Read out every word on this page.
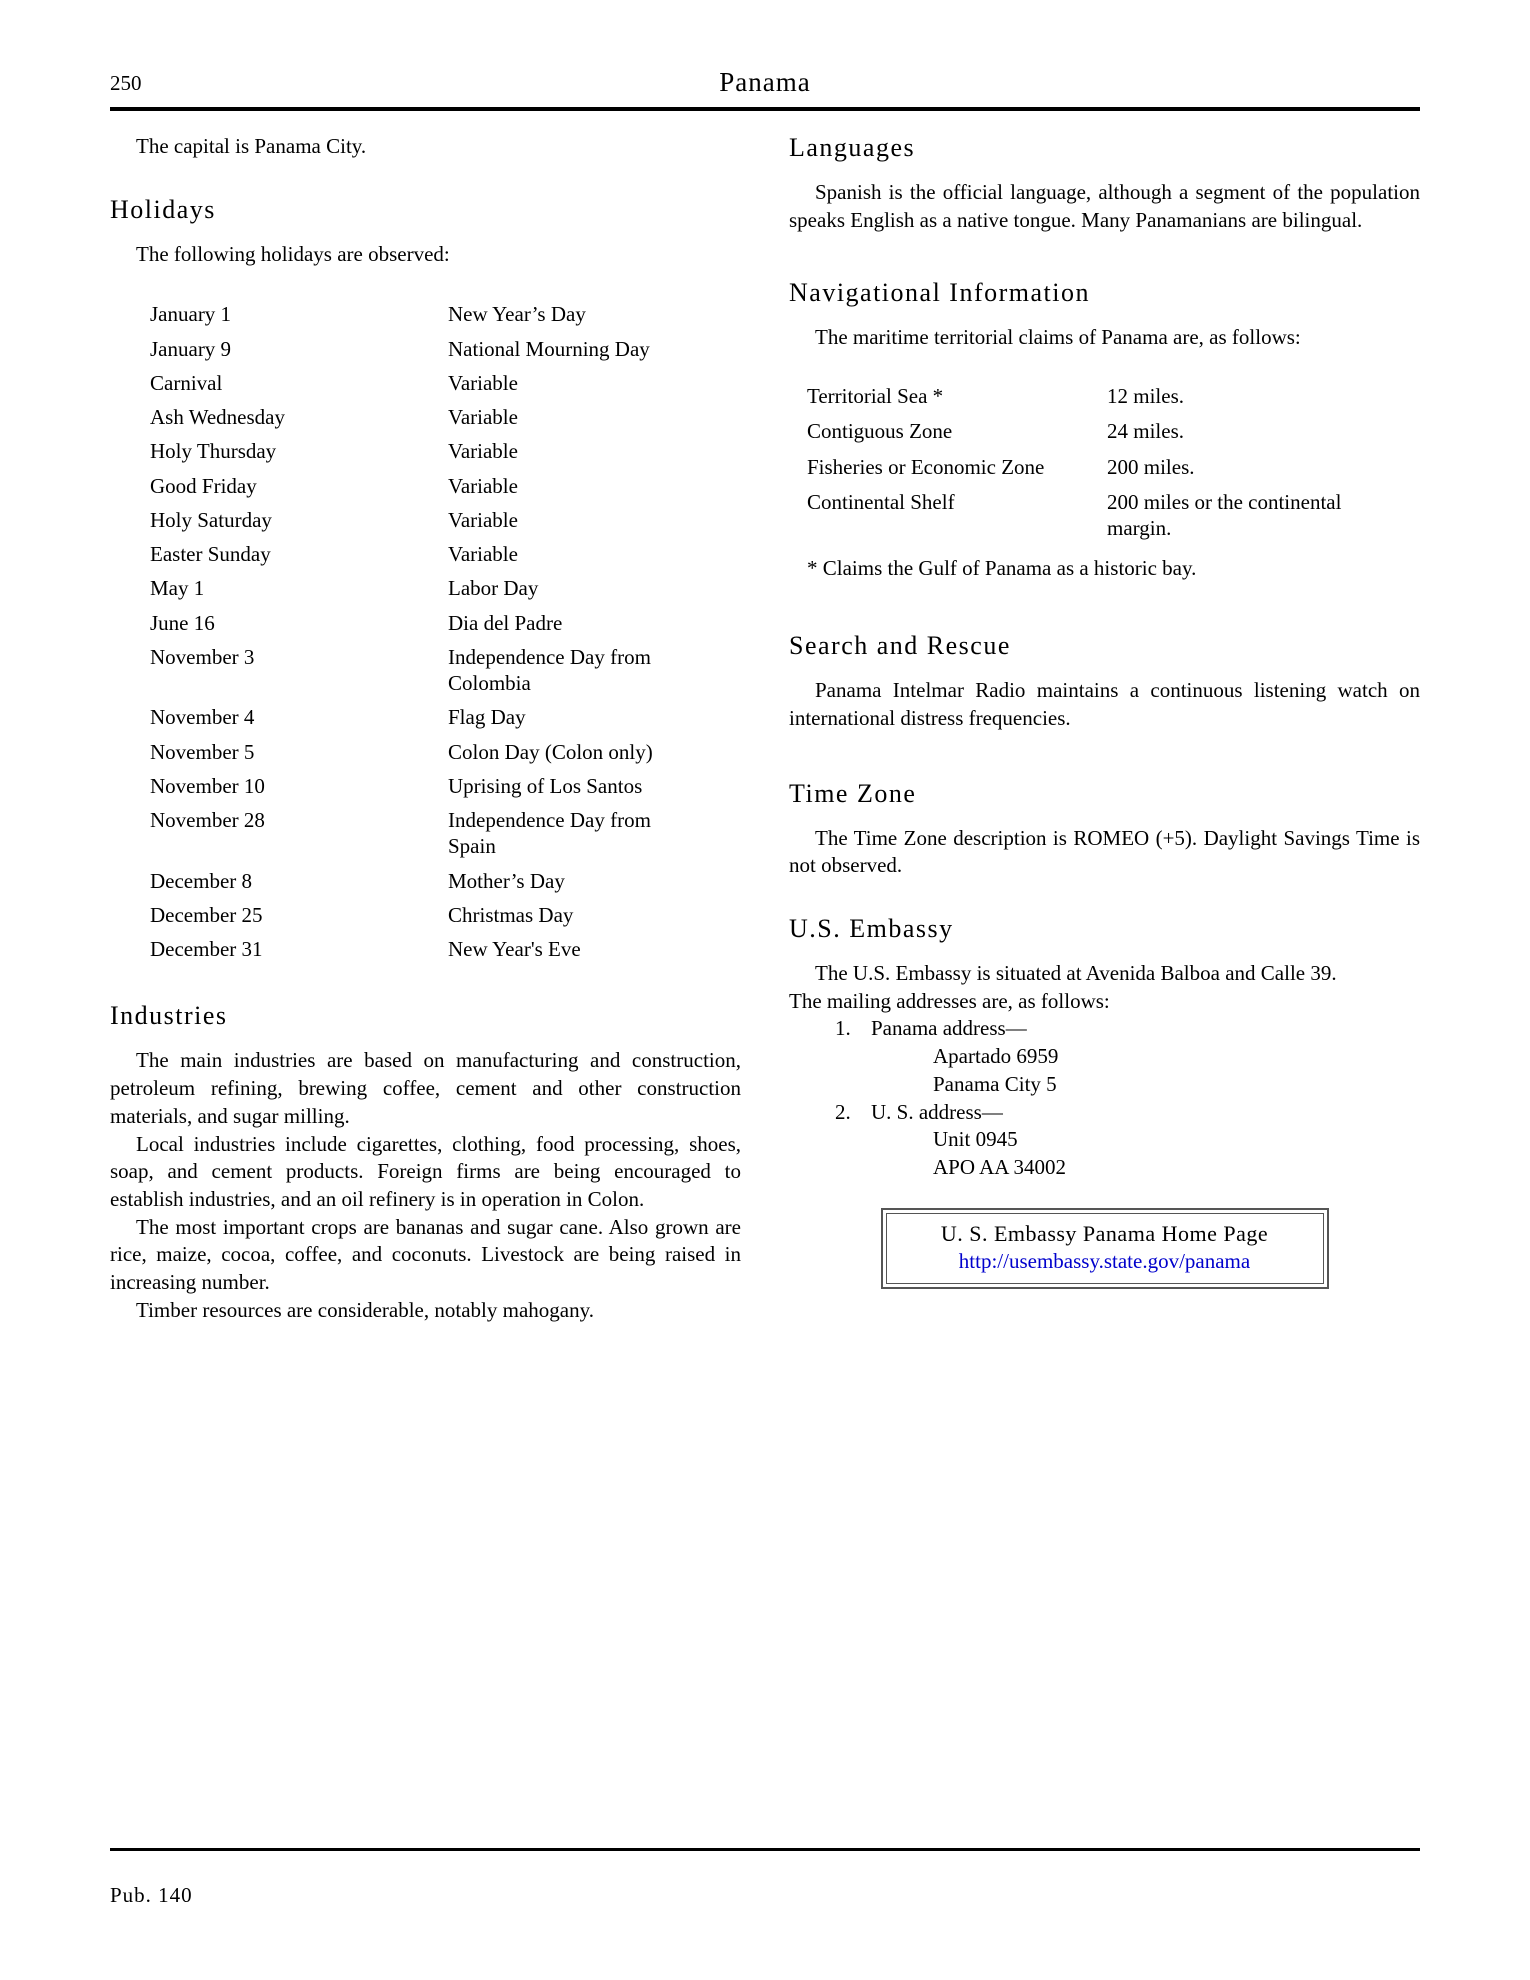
250	Panama

The capital is Panama City.

Holidays

The following holidays are observed:

January 1	New Year’s Day
January 9	National Mourning Day
Carnival	Variable
Ash Wednesday	Variable
Holy Thursday	Variable
Good Friday	Variable
Holy Saturday	Variable
Easter Sunday	Variable
May 1	Labor Day
June 16	Dia del Padre
November 3	Independence Day from Colombia
November 4	Flag Day
November 5	Colon Day (Colon only)
November 10	Uprising of Los Santos
November 28	Independence Day from Spain
December 8	Mother’s Day
December 25	Christmas Day
December 31	New Year's Eve
Industries

The main industries are based on manufacturing and construction, petroleum refining, brewing coffee, cement and other construction materials, and sugar milling.

Local industries include cigarettes, clothing, food processing, shoes, soap, and cement products. Foreign firms are being encouraged to establish industries, and an oil refinery is in operation in Colon.

The most important crops are bananas and sugar cane. Also grown are rice, maize, cocoa, coffee, and coconuts. Livestock are being raised in increasing number.

Timber resources are considerable, notably mahogany.

Languages

Spanish is the official language, although a segment of the population speaks English as a native tongue. Many Panamanians are bilingual.

Navigational Information

The maritime territorial claims of Panama are, as follows:

Territorial Sea *	12 miles.
Contiguous Zone	24 miles.
Fisheries or Economic Zone	200 miles.
Continental Shelf	200 miles or the continental margin.

* Claims the Gulf of Panama as a historic bay.

Search and Rescue

Panama Intelmar Radio maintains a continuous listening watch on international distress frequencies.

Time Zone

The Time Zone description is ROMEO (+5). Daylight Savings Time is not observed.

U.S. Embassy

The U.S. Embassy is situated at Avenida Balboa and Calle 39.

The mailing addresses are, as follows:

1. Panama address—
Apartado 6959
Panama City 5
2. U. S. address—
Unit 0945
APO AA 34002
U. S. Embassy Panama Home Page
http://usembassy.state.gov/panama
Pub. 140
